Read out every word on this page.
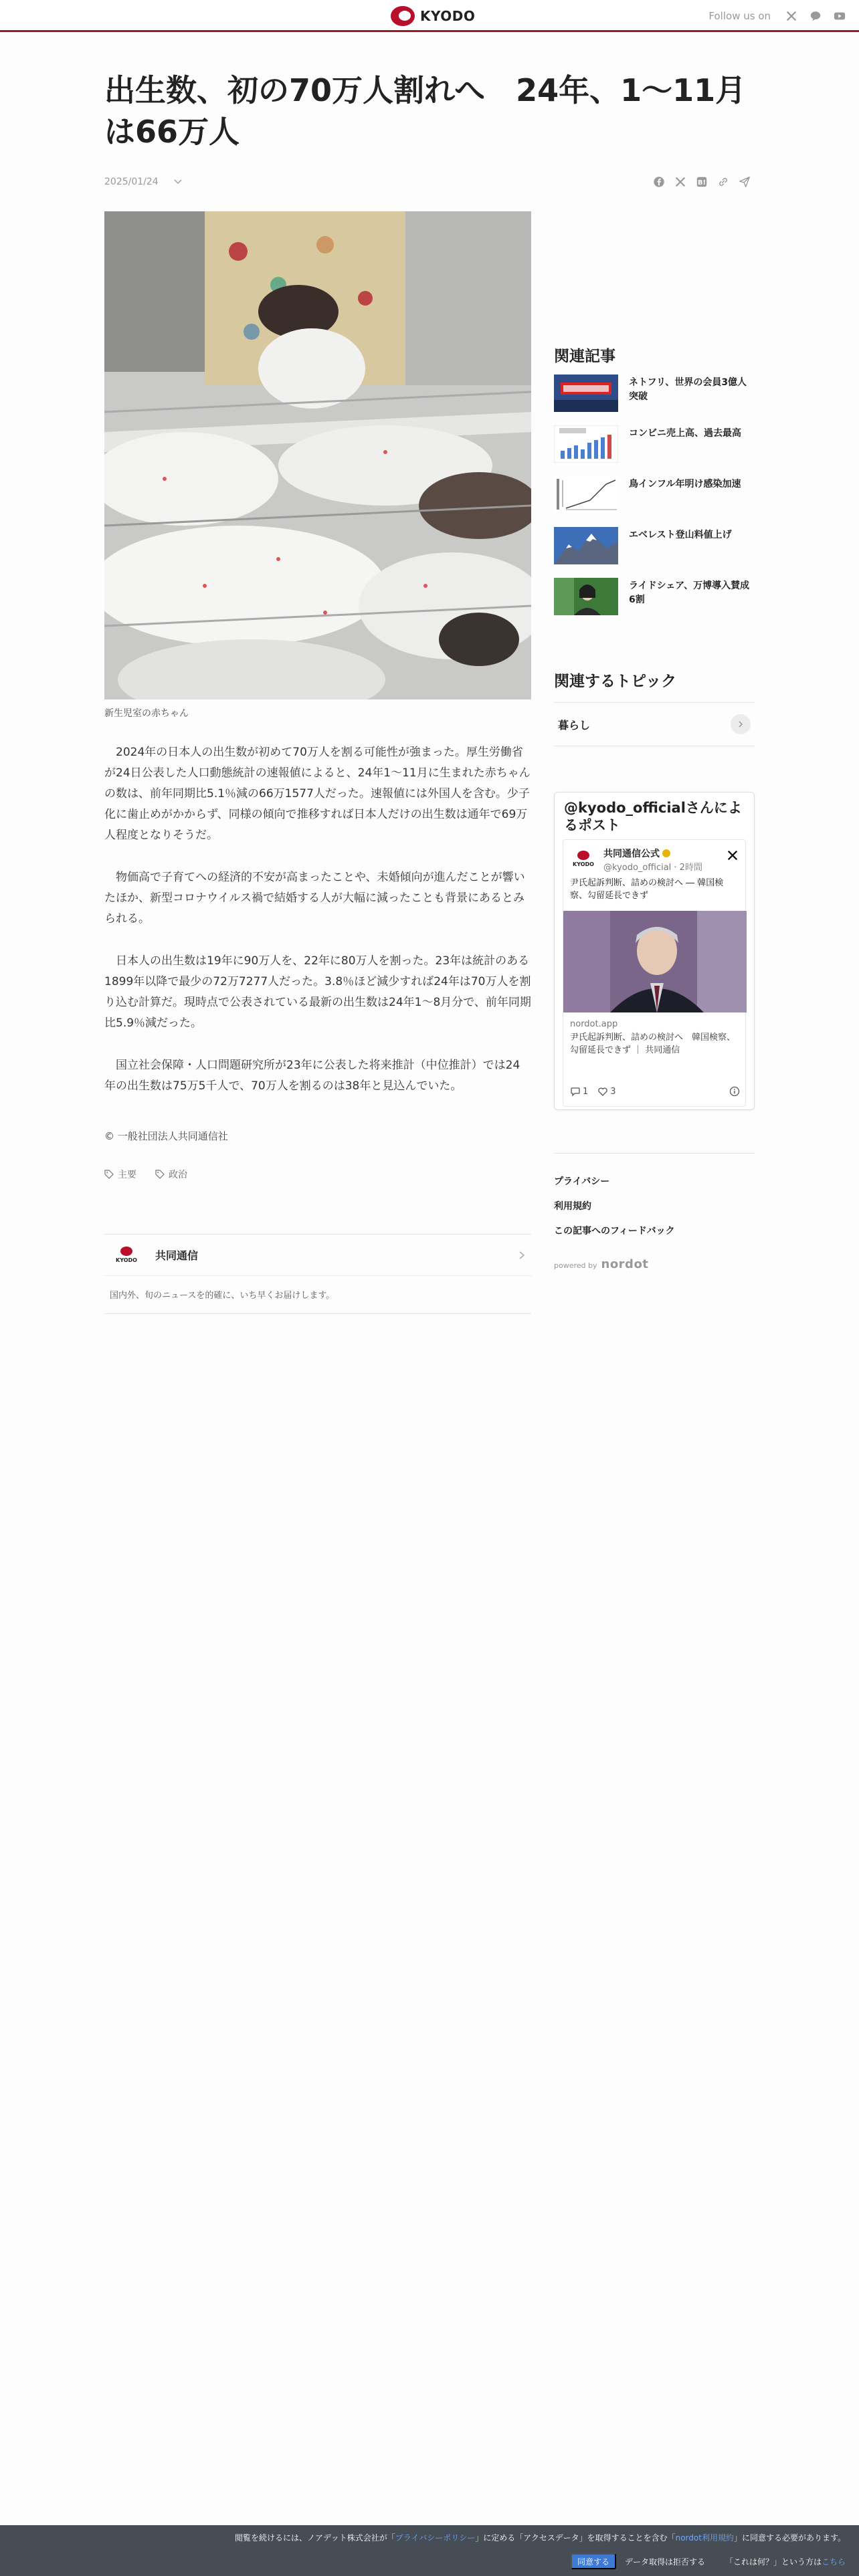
KYODO	Follow us on
出生数、初の70万人割れへ　24年、1～11月は66万人
2025/01/24	B!
新生児室の赤ちゃん

2024年の日本人の出生数が初めて70万人を割る可能性が強まった。厚生労働省が24日公表した人口動態統計の速報値によると、24年1～11月に生まれた赤ちゃんの数は、前年同期比5.1％減の66万1577人だった。速報値には外国人を含む。少子化に歯止めがかからず、同様の傾向で推移すれば日本人だけの出生数は通年で69万人程度となりそうだ。

物価高で子育てへの経済的不安が高まったことや、未婚傾向が進んだことが響いたほか、新型コロナウイルス禍で結婚する人が大幅に減ったことも背景にあるとみられる。

日本人の出生数は19年に90万人を、22年に80万人を割った。23年は統計のある1899年以降で最少の72万7277人だった。3.8％ほど減少すれば24年は70万人を割り込む計算だ。現時点で公表されている最新の出生数は24年1～8月分で、前年同期比5.9％減だった。

国立社会保障・人口問題研究所が23年に公表した将来推計（中位推計）では24年の出生数は75万5千人で、70万人を割るのは38年と見込んでいた。

© 一般社団法人共同通信社
主要	政治
KYODO 共同通信
国内外、旬のニュースを的確に、いち早くお届けします。
関連記事
ネトフリ、世界の会員3億人突破
コンビニ売上高、過去最高
鳥インフル年明け感染加速
エベレスト登山料値上げ
ライドシェア、万博導入賛成6割
関連するトピック
暮らし
@kyodo_officialさんによるポスト
KYODO
共同通信公式
@kyodo_official · 2時間
尹氏起訴判断、詰めの検討へ ― 韓国検察、勾留延長できず
nordot.app
尹氏起訴判断、詰めの検討へ　韓国検察、勾留延長できず ｜ 共同通信
1	3
プライバシー
利用規約
この記事へのフィードバック
powered by nordot
閲覧を続けるには、ノアデット株式会社が「プライバシーポリシー」に定める「アクセスデータ」を取得することを含む「nordot利用規約」に同意する必要があります。
同意する	データ取得は拒否する 「これは何？」という方はこちら
